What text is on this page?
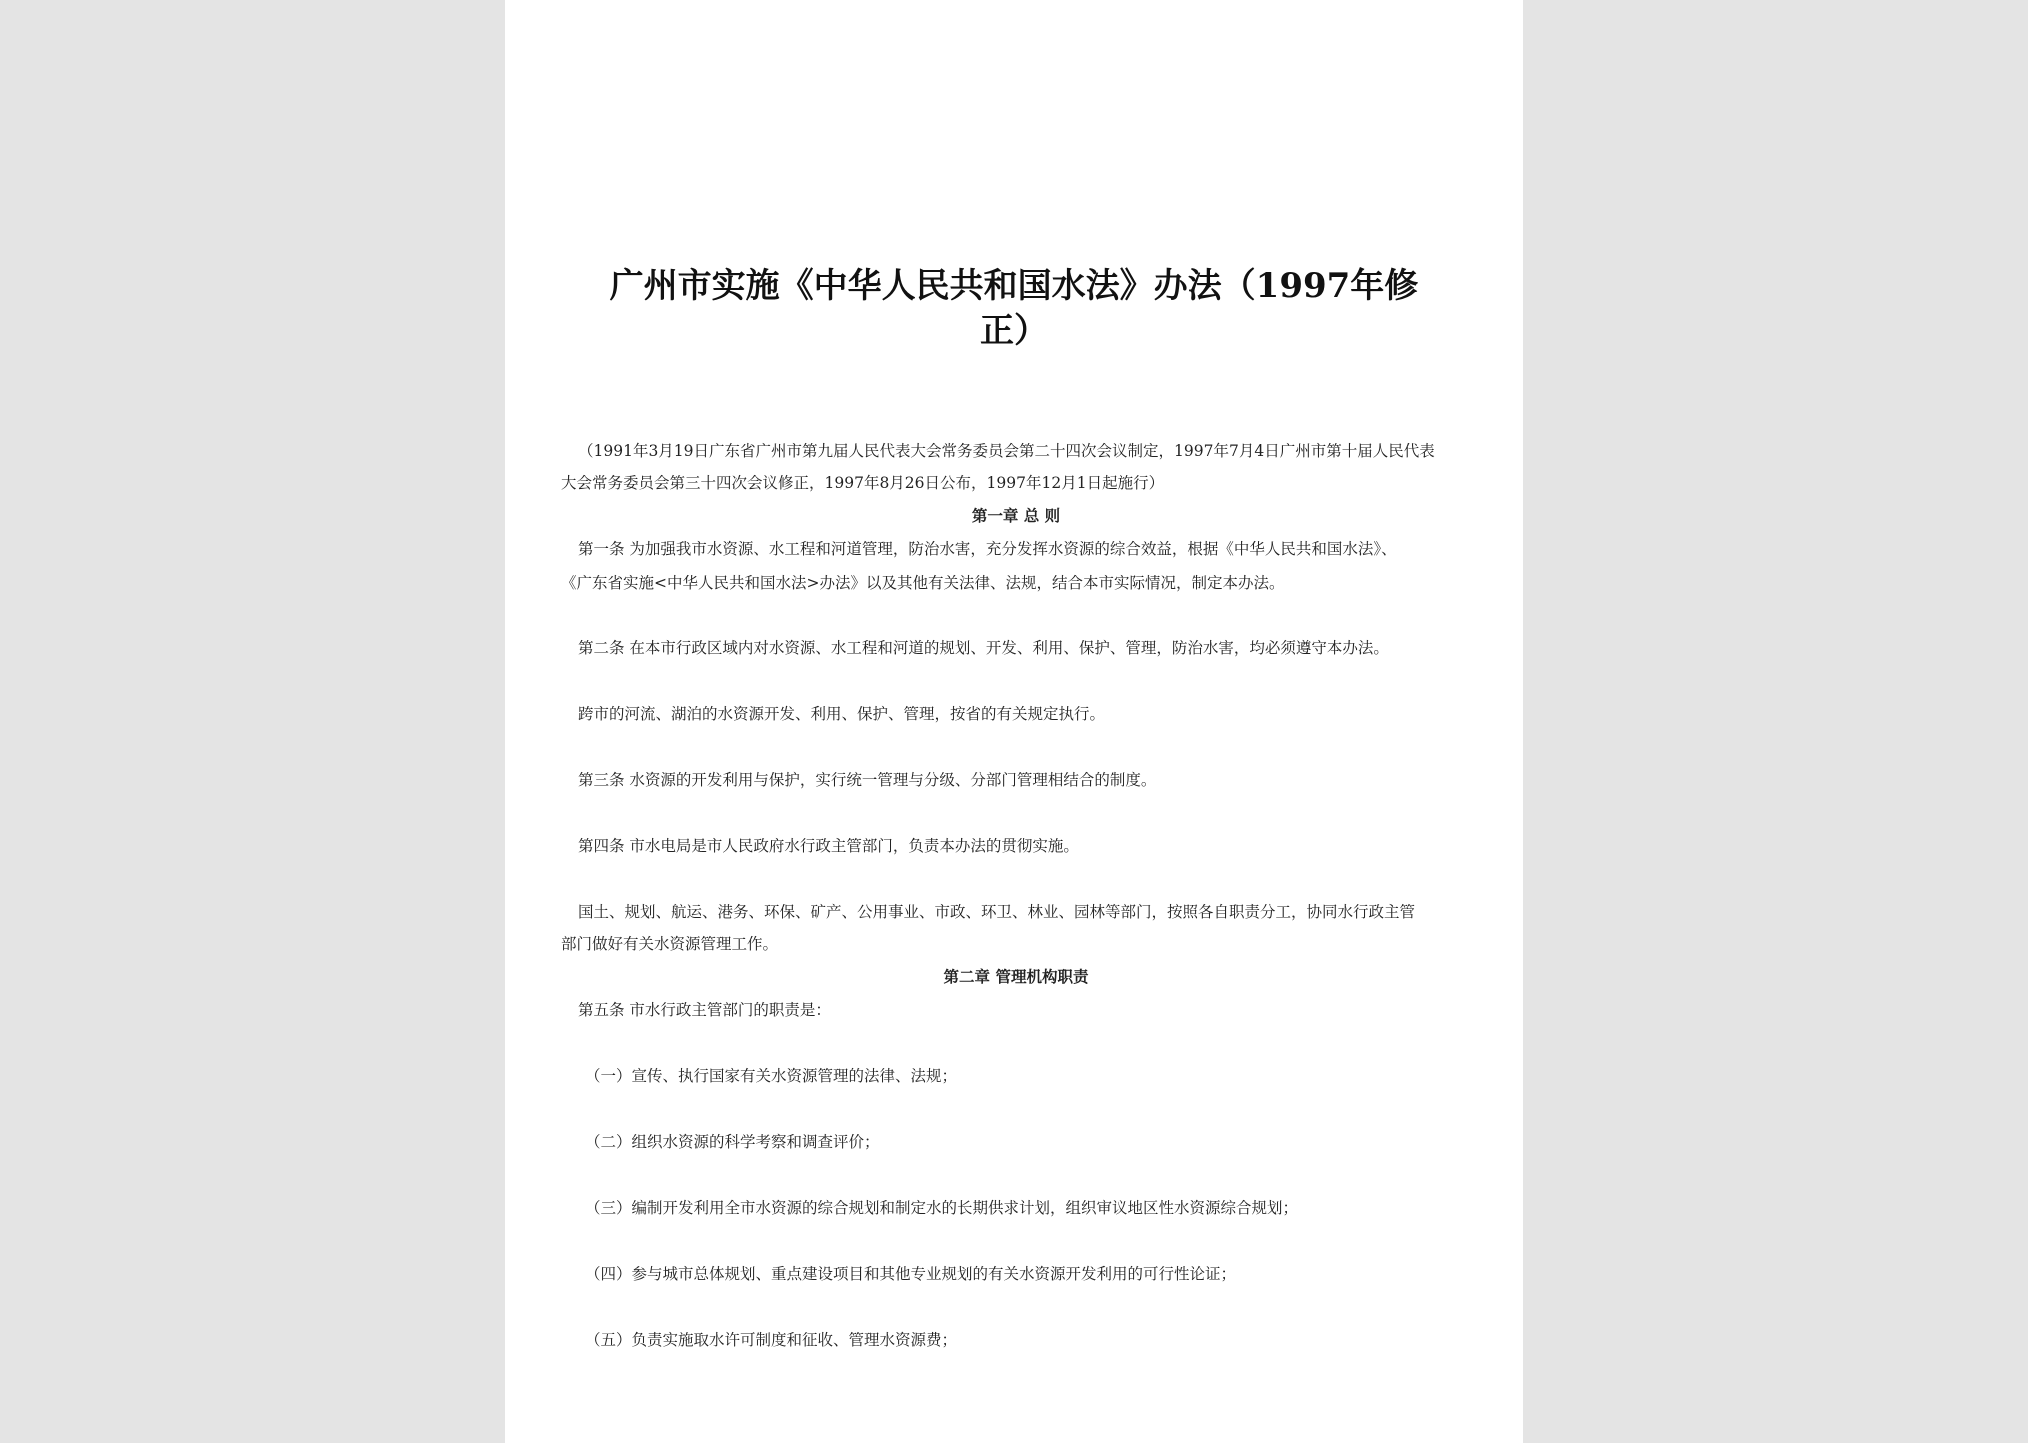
广州市实施《中华人民共和国水法》办法（1997年修
正）

（1991年3月19日广东省广州市第九届人民代表大会常务委员会第二十四次会议制定，1997年7月4日广州市第十届人民代表

大会常务委员会第三十四次会议修正，1997年8月26日公布，1997年12月1日起施行）

第一章 总 则

第一条 为加强我市水资源、水工程和河道管理，防治水害，充分发挥水资源的综合效益，根据《中华人民共和国水法》、

《广东省实施<中华人民共和国水法>办法》以及其他有关法律、法规，结合本市实际情况，制定本办法。

第二条 在本市行政区域内对水资源、水工程和河道的规划、开发、利用、保护、管理，防治水害，均必须遵守本办法。

跨市的河流、湖泊的水资源开发、利用、保护、管理，按省的有关规定执行。

第三条 水资源的开发利用与保护，实行统一管理与分级、分部门管理相结合的制度。

第四条 市水电局是市人民政府水行政主管部门，负责本办法的贯彻实施。

国土、规划、航运、港务、环保、矿产、公用事业、市政、环卫、林业、园林等部门，按照各自职责分工，协同水行政主管

部门做好有关水资源管理工作。

第二章 管理机构职责

第五条 市水行政主管部门的职责是：

（一）宣传、执行国家有关水资源管理的法律、法规；

（二）组织水资源的科学考察和调查评价；

（三）编制开发利用全市水资源的综合规划和制定水的长期供求计划，组织审议地区性水资源综合规划；

（四）参与城市总体规划、重点建设项目和其他专业规划的有关水资源开发利用的可行性论证；

（五）负责实施取水许可制度和征收、管理水资源费；
